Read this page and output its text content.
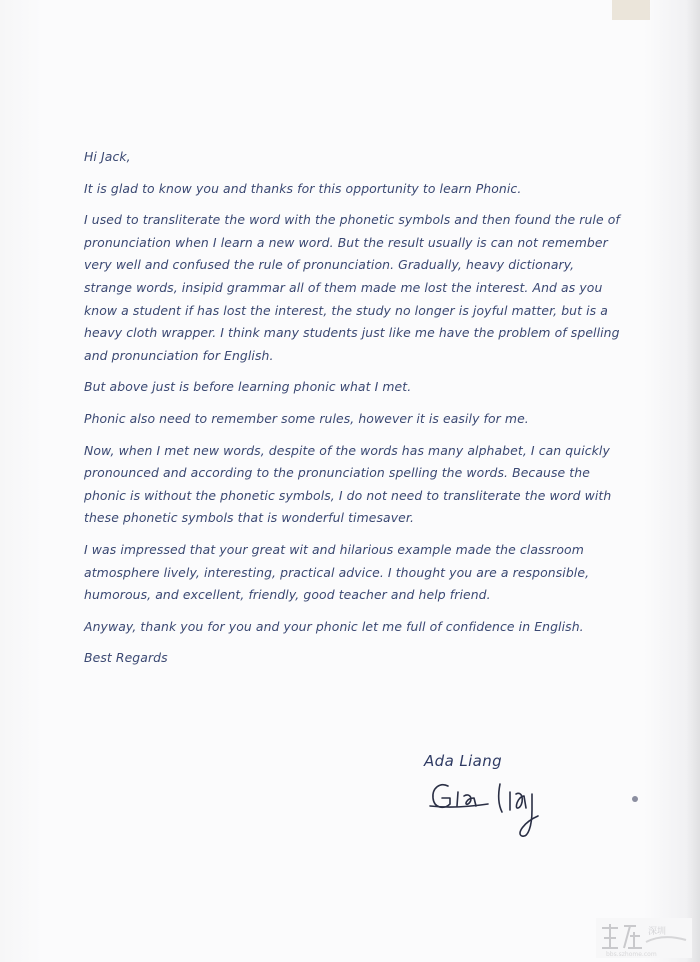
Hi Jack,

It is glad to know you and thanks for this opportunity to learn Phonic.

I used to transliterate the word with the phonetic symbols and then found the rule of pronunciation when I learn a new word. But the result usually is can not remember very well and confused the rule of pronunciation. Gradually, heavy dictionary, strange words, insipid grammar all of them made me lost the interest. And as you know a student if has lost the interest, the study no longer is joyful matter, but is a heavy cloth wrapper. I think many students just like me have the problem of spelling and pronunciation for English.

But above just is before learning phonic what I met.

Phonic also need to remember some rules, however it is easily for me.

Now, when I met new words, despite of the words has many alphabet, I can quickly pronounced and according to the pronunciation spelling the words. Because the phonic is without the phonetic symbols, I do not need to transliterate the word with these phonetic symbols that is wonderful timesaver.

I was impressed that your great wit and hilarious example made the classroom atmosphere lively, interesting, practical advice. I thought you are a responsible, humorous, and excellent, friendly, good teacher and help friend.

Anyway, thank you for you and your phonic let me full of confidence in English.

Best Regards

Ada Liang
深圳
bbs.szhome.com
